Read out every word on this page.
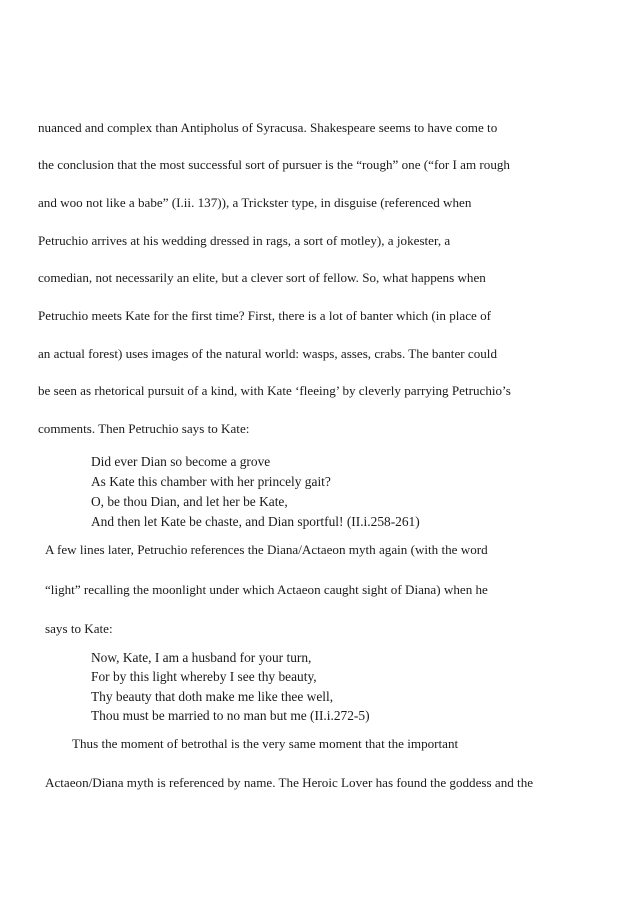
nuanced and complex than Antipholus of Syracusa. Shakespeare seems to have come to
the conclusion that the most successful sort of pursuer is the “rough” one (“for I am rough
and woo not like a babe” (I.ii. 137)), a Trickster type, in disguise (referenced when
Petruchio arrives at his wedding dressed in rags, a sort of motley), a jokester, a
comedian, not necessarily an elite, but a clever sort of fellow. So, what happens when
Petruchio meets Kate for the first time? First, there is a lot of banter which (in place of
an actual forest) uses images of the natural world: wasps, asses, crabs. The banter could
be seen as rhetorical pursuit of a kind, with Kate ‘fleeing’ by cleverly parrying Petruchio’s
comments. Then Petruchio says to Kate:
Did ever Dian so become a grove
As Kate this chamber with her princely gait?
O, be thou Dian, and let her be Kate,
And then let Kate be chaste, and Dian sportful! (II.i.258-261)
A few lines later, Petruchio references the Diana/Actaeon myth again (with the word
“light” recalling the moonlight under which Actaeon caught sight of Diana) when he
says to Kate:
Now, Kate, I am a husband for your turn,
For by this light whereby I see thy beauty,
Thy beauty that doth make me like thee well,
Thou must be married to no man but me (II.i.272-5)
Thus the moment of betrothal is the very same moment that the important
Actaeon/Diana myth is referenced by name. The Heroic Lover has found the goddess and the
